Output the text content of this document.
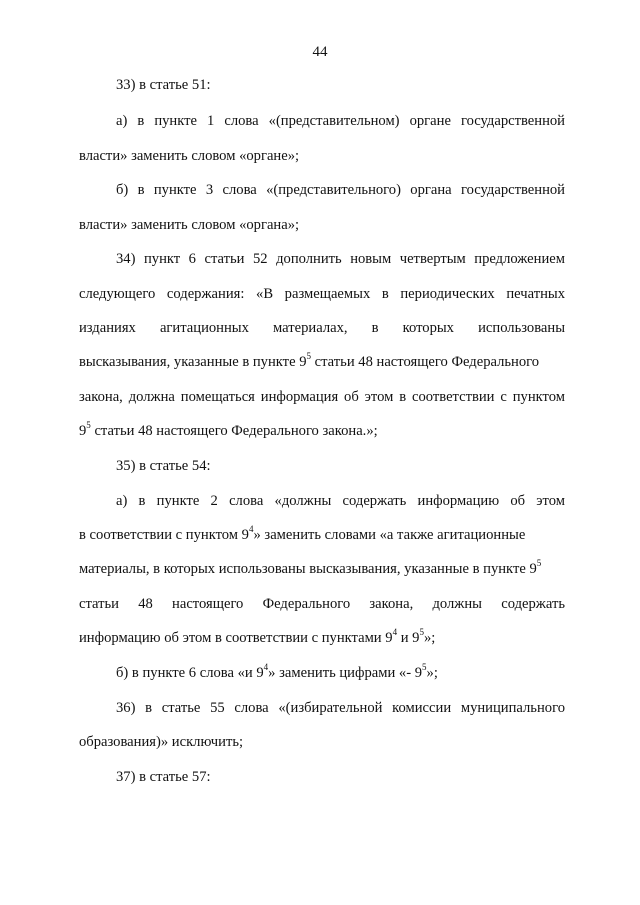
44
33) в статье 51:
а) в пункте 1 слова «(представительном) органе государственной
власти» заменить словом «органе»;
б) в пункте 3 слова «(представительного) органа государственной
власти» заменить словом «органа»;
34) пункт 6 статьи 52 дополнить новым четвертым предложением
следующего содержания: «В размещаемых в периодических печатных
изданиях агитационных материалах, в которых использованы
высказывания, указанные в пункте $9^5$ статьи 48 настоящего Федерального
закона, должна помещаться информация об этом в соответствии с пунктом
$9^5$ статьи 48 настоящего Федерального закона.»;
35) в статье 54:
а) в пункте 2 слова «должны содержать информацию об этом
в соответствии с пунктом $9^4$» заменить словами «а также агитационные
материалы, в которых использованы высказывания, указанные в пункте $9^5$
статьи 48 настоящего Федерального закона, должны содержать
информацию об этом в соответствии с пунктами $9^4$ и $9^5$»;
б) в пункте 6 слова «и $9^4$» заменить цифрами «- $9^5$»;
36) в статье 55 слова «(избирательной комиссии муниципального
образования)» исключить;
37) в статье 57:
